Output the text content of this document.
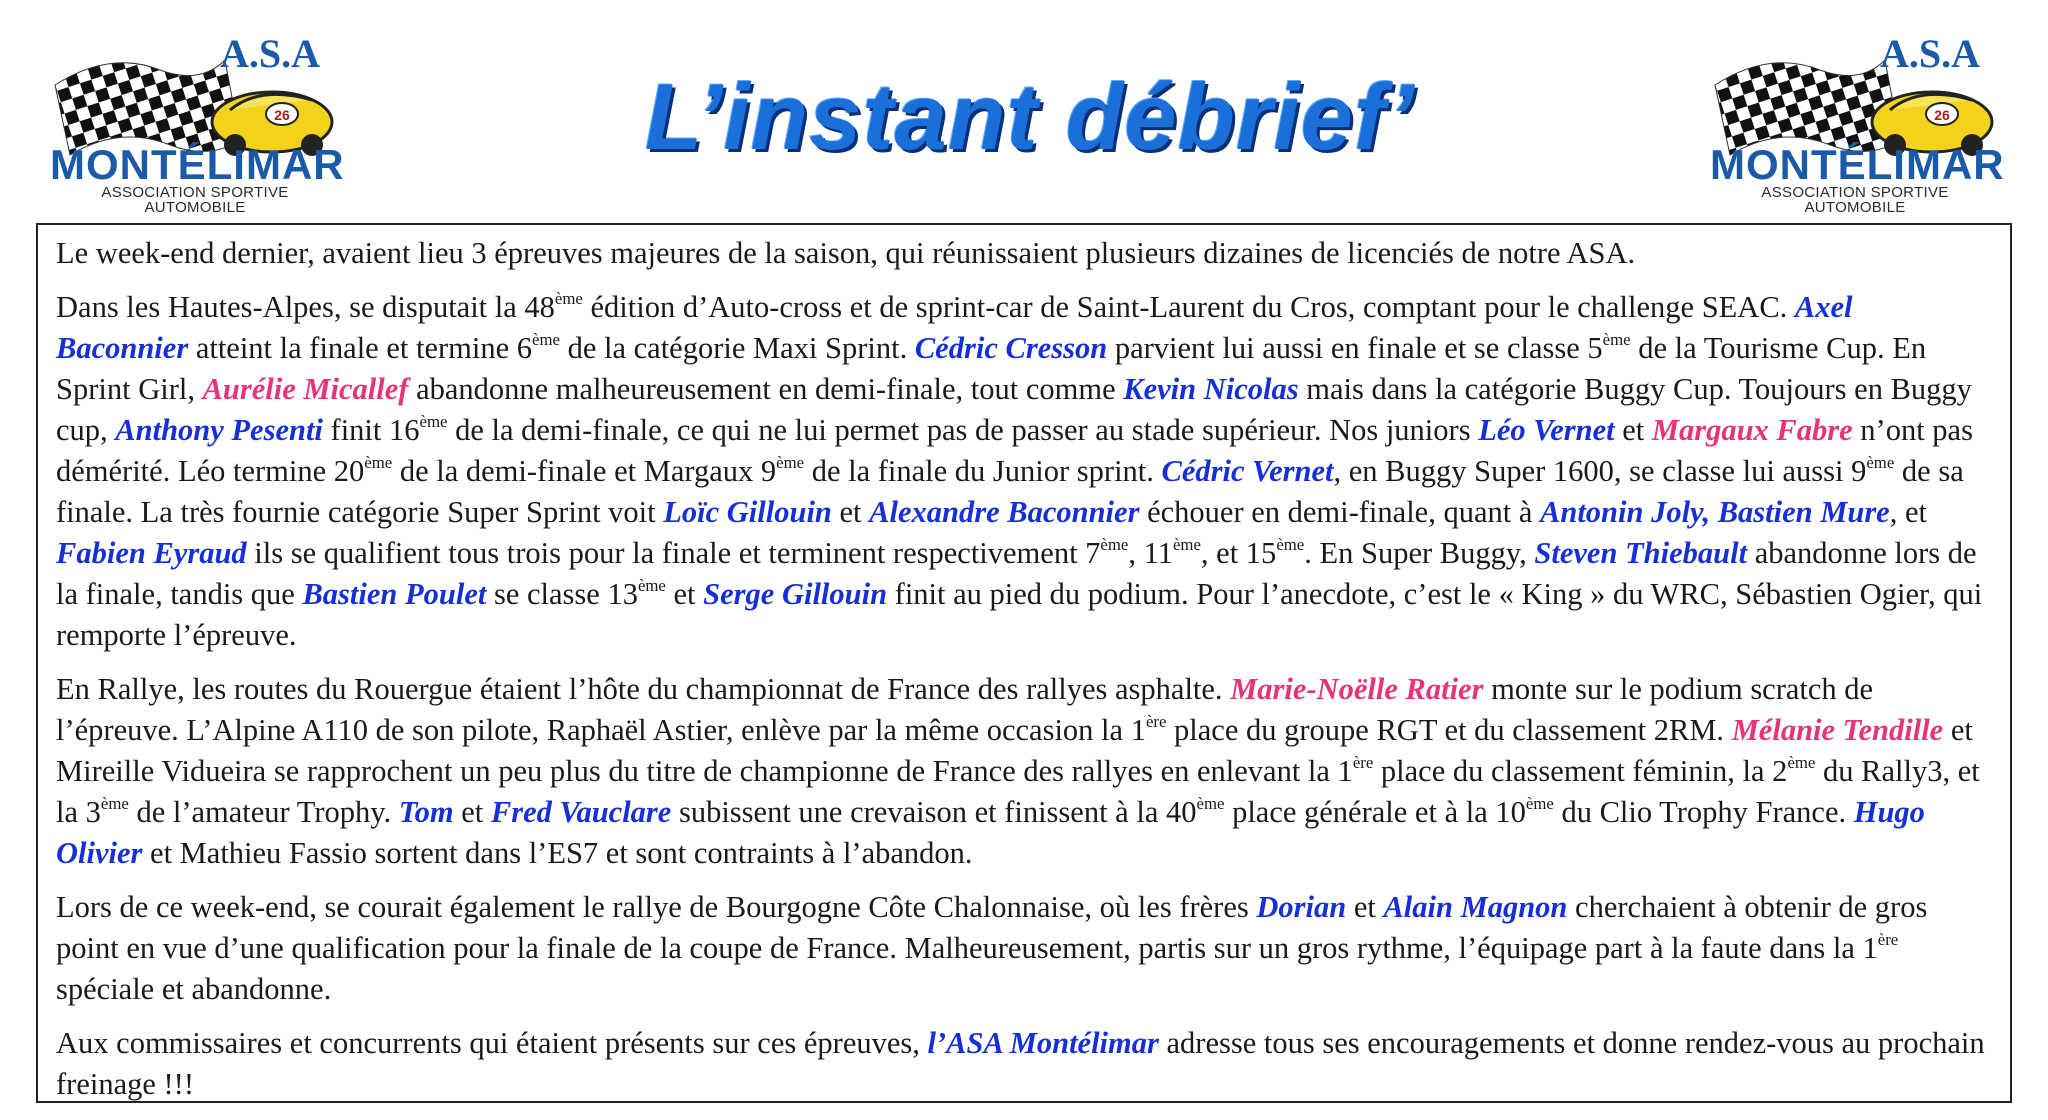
26
A.S.A
MONTÉLIMAR
ASSOCIATION SPORTIVE AUTOMOBILE
L’instant débrief’	26
A.S.A
MONTÉLIMAR
ASSOCIATION SPORTIVE AUTOMOBILE

Le week-end dernier, avaient lieu 3 épreuves majeures de la saison, qui réunissaient plusieurs dizaines de licenciés de notre ASA.

Dans les Hautes-Alpes, se disputait la 48ème édition d’Auto-cross et de sprint-car de Saint-Laurent du Cros, comptant pour le challenge SEAC. Axel Baconnier atteint la finale et termine 6ème de la catégorie Maxi Sprint. Cédric Cresson parvient lui aussi en finale et se classe 5ème de la Tourisme Cup. En Sprint Girl, Aurélie Micallef abandonne malheureusement en demi-finale, tout comme Kevin Nicolas mais dans la catégorie Buggy Cup. Toujours en Buggy cup, Anthony Pesenti finit 16ème de la demi-finale, ce qui ne lui permet pas de passer au stade supérieur. Nos juniors Léo Vernet et Margaux Fabre n’ont pas démérité. Léo termine 20ème de la demi-finale et Margaux 9ème de la finale du Junior sprint. Cédric Vernet, en Buggy Super 1600, se classe lui aussi 9ème de sa finale. La très fournie catégorie Super Sprint voit Loïc Gillouin et Alexandre Baconnier échouer en demi-finale, quant à Antonin Joly, Bastien Mure, et Fabien Eyraud ils se qualifient tous trois pour la finale et terminent respectivement 7ème, 11ème, et 15ème. En Super Buggy, Steven Thiebault abandonne lors de la finale, tandis que Bastien Poulet se classe 13ème et Serge Gillouin finit au pied du podium. Pour l’anecdote, c’est le « King » du WRC, Sébastien Ogier, qui remporte l’épreuve.

En Rallye, les routes du Rouergue étaient l’hôte du championnat de France des rallyes asphalte. Marie-Noëlle Ratier monte sur le podium scratch de l’épreuve. L’Alpine A110 de son pilote, Raphaël Astier, enlève par la même occasion la 1ère place du groupe RGT et du classement 2RM. Mélanie Tendille et Mireille Vidueira se rapprochent un peu plus du titre de championne de France des rallyes en enlevant la 1ère place du classement féminin, la 2ème du Rally3, et la 3ème de l’amateur Trophy. Tom et Fred Vauclare subissent une crevaison et finissent à la 40ème place générale et à la 10ème du Clio Trophy France. Hugo Olivier et Mathieu Fassio sortent dans l’ES7 et sont contraints à l’abandon.

Lors de ce week-end, se courait également le rallye de Bourgogne Côte Chalonnaise, où les frères Dorian et Alain Magnon cherchaient à obtenir de gros point en vue d’une qualification pour la finale de la coupe de France. Malheureusement, partis sur un gros rythme, l’équipage part à la faute dans la 1ère spéciale et abandonne.

Aux commissaires et concurrents qui étaient présents sur ces épreuves, l’ASA Montélimar adresse tous ses encouragements et donne rendez-vous au prochain freinage !!!
